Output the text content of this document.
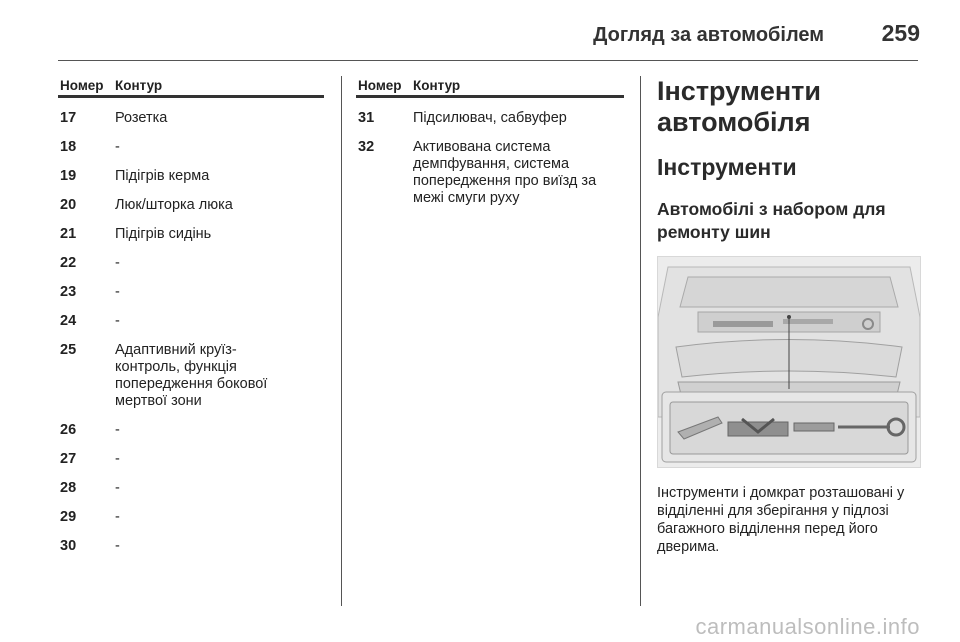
Догляд за автомобілем	259
Номер Контур
17	Розетка
18	-
19	Підігрів керма
20	Люк/шторка люка
21	Підігрів сидінь
22	-
23	-
24	-
25	Адаптивний круїз-контроль, функція попередження бокової мертвої зони
26	-
27	-
28	-
29	-
30	-
Номер Контур
31	Підсилювач, сабвуфер
32	Активована система демпфування, система попередження про виїзд за межі смуги руху
Інструменти автомобіля
Інструменти
Автомобілі з набором для ремонту шин
Інструменти і домкрат розташовані у відділенні для зберігання у підлозі багажного відділення перед його дверима.
carmanualsonline.info
